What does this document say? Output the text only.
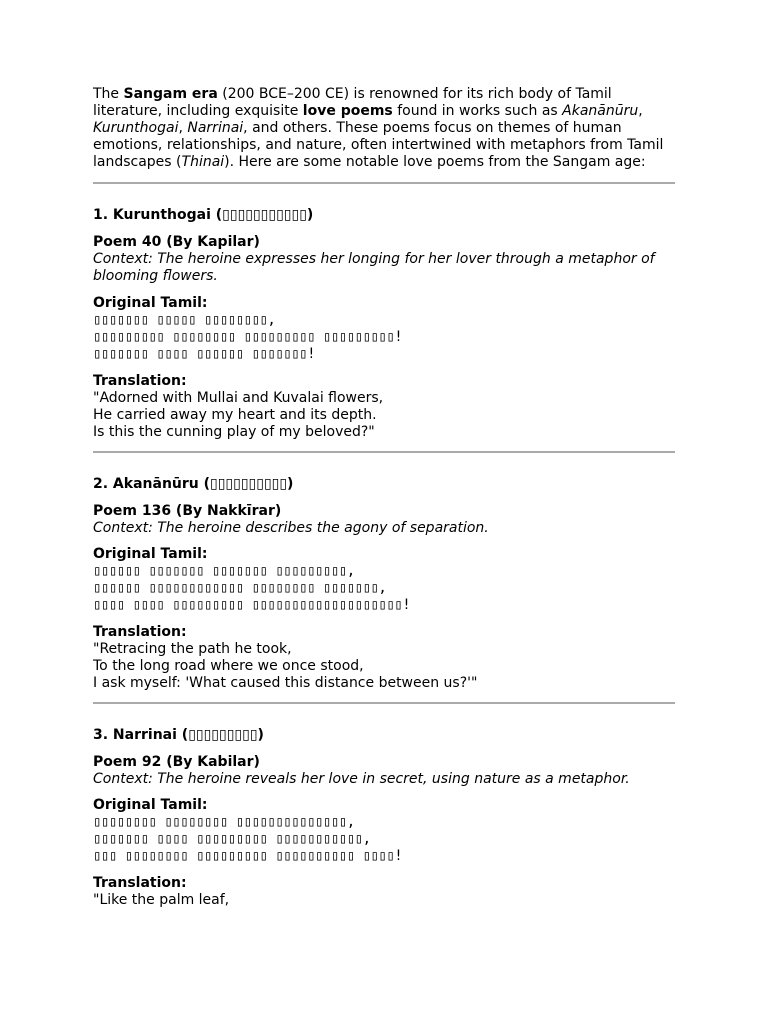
The Sangam era (200 BCE–200 CE) is renowned for its rich body of Tamil literature, including exquisite love poems found in works such as Akanānūru, Kurunthogai, Narrinai, and others. These poems focus on themes of human emotions, relationships, and nature, often intertwined with metaphors from Tamil landscapes (Thinai). Here are some notable love poems from the Sangam age:

1. Kurunthogai (▯▯▯▯▯▯▯▯▯▯▯)

Poem 40 (By Kapilar)

Context: The heroine expresses her longing for her lover through a metaphor of
blooming flowers.

Original Tamil:

▯▯▯▯▯▯▯ ▯▯▯▯▯ ▯▯▯▯▯▯▯▯,

▯▯▯▯▯▯▯▯▯ ▯▯▯▯▯▯▯▯ ▯▯▯▯▯▯▯▯▯ ▯▯▯▯▯▯▯▯▯!

▯▯▯▯▯▯▯ ▯▯▯▯ ▯▯▯▯▯▯ ▯▯▯▯▯▯▯!

Translation:

"Adorned with Mullai and Kuvalai flowers,

He carried away my heart and its depth.

Is this the cunning play of my beloved?"

2. Akanānūru (▯▯▯▯▯▯▯▯▯▯)

Poem 136 (By Nakkīrar)

Context: The heroine describes the agony of separation.

Original Tamil:

▯▯▯▯▯▯ ▯▯▯▯▯▯▯ ▯▯▯▯▯▯▯ ▯▯▯▯▯▯▯▯▯,

▯▯▯▯▯▯ ▯▯▯▯▯▯▯▯▯▯▯▯ ▯▯▯▯▯▯▯▯ ▯▯▯▯▯▯▯,

▯▯▯▯ ▯▯▯▯ ▯▯▯▯▯▯▯▯▯ ▯▯▯▯▯▯▯▯▯▯▯▯▯▯▯▯▯▯▯!

Translation:

"Retracing the path he took,

To the long road where we once stood,

I ask myself: 'What caused this distance between us?'"

3. Narrinai (▯▯▯▯▯▯▯▯▯)

Poem 92 (By Kabilar)

Context: The heroine reveals her love in secret, using nature as a metaphor.

Original Tamil:

▯▯▯▯▯▯▯▯ ▯▯▯▯▯▯▯▯ ▯▯▯▯▯▯▯▯▯▯▯▯▯▯,

▯▯▯▯▯▯▯ ▯▯▯▯ ▯▯▯▯▯▯▯▯▯ ▯▯▯▯▯▯▯▯▯▯▯,

▯▯▯ ▯▯▯▯▯▯▯▯ ▯▯▯▯▯▯▯▯▯ ▯▯▯▯▯▯▯▯▯▯ ▯▯▯▯!

Translation:

"Like the palm leaf,
